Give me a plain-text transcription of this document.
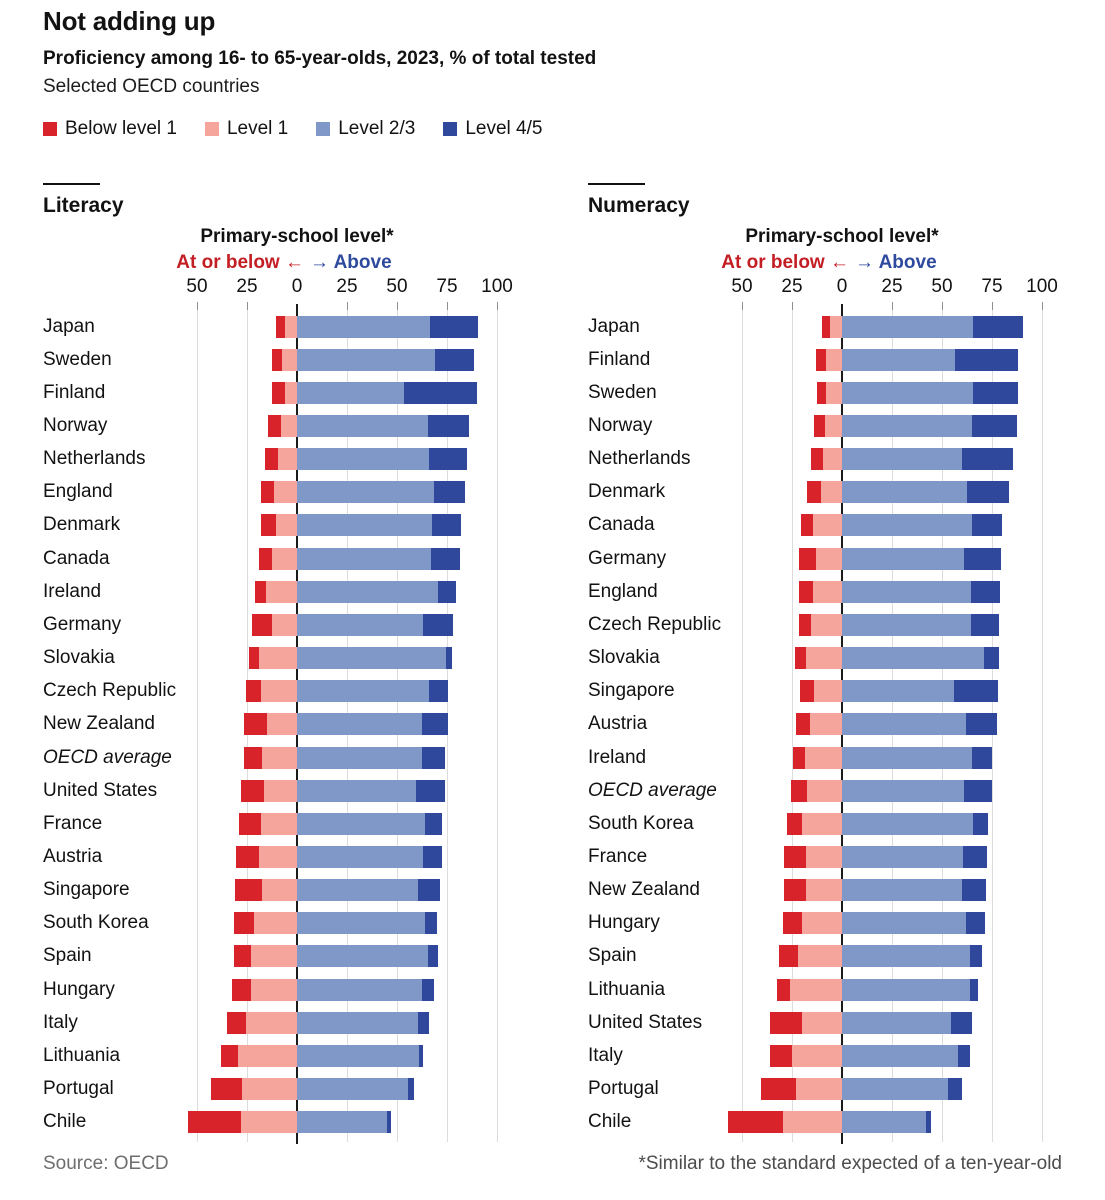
Not adding up
Proficiency among 16- to 65-year-olds, 2023, % of total tested
Selected OECD countries
Below level 1	Level 1	Level 2/3	Level 4/5
Literacy
Primary-school level*
At or below ← → Above
50 25 0 25 50 75 100
Japan
Sweden
Finland
Norway
Netherlands
England
Denmark
Canada
Ireland
Germany
Slovakia
Czech Republic
New Zealand
OECD average
United States
France
Austria
Singapore
South Korea
Spain
Hungary
Italy
Lithuania
Portugal
Chile
Numeracy
Primary-school level*
At or below ← → Above
50 25 0 25 50 75 100
Japan
Finland
Sweden
Norway
Netherlands
Denmark
Canada
Germany
England
Czech Republic
Slovakia
Singapore
Austria
Ireland
OECD average
South Korea
France
New Zealand
Hungary
Spain
Lithuania
United States
Italy
Portugal
Chile
Source: OECD	*Similar to the standard expected of a ten-year-old
